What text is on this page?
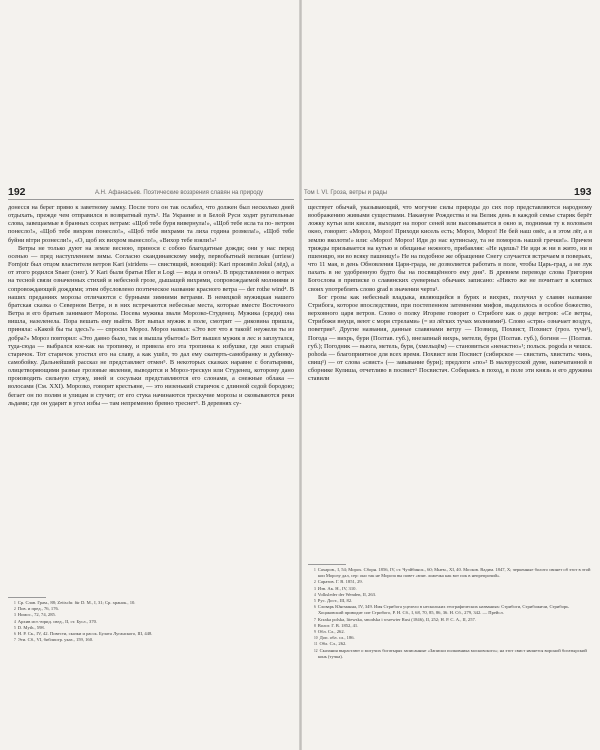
192	А.Н. Афанасьев. Поэтические воззрения славян на природу

донесся на берег прямо к заветному замку. После того он так ослабел, что должен был несколько дней отдыхать, прежде чем отправился в возвратный путь¹. На Украине и в Белой Руси ходят ругательные слова, завещаемые в бранных ссорах ветрам: «Щоб тебе буря вивернула!», «Щоб тебе ясла та по‑ ветром понесло!», «Щоб тебе вихром понесло!», «Щоб тебе вихрами та лиха година розмела!», «Щоб тебе буйни вітри рознесли!», «О, щоб их вихром вынесло!», «Вихор тебе взяли!»²

Ветры не только дуют на земле весною, принося с собою благодатные дожди; они у нас перед осенью — пред наступлением зимы. Согласно скандинавскому мифу, первобытный великан (urriese) Fornjotr был отцом властителя ветров Kari (stridens — свистящий, воющий): Kari произвёл Jokul (лёд), а от этого родился Snaer (снег). У Kari были братья Hler и Logi — вода и огонь³. В представлении о ветрах на тесной связи означенных стихий и небесной грозе, дышащей вихрями, сопровождаемой молниями и сопровождающей дождями; этим обусловлено поэтическое название красного ветра — der rothe wind⁴. В наших преданиях морозы отличаются с бурными зимними ветрами. В немецкой мужицкая нашего братская сказка о Северном Ветре, и в них встречаются небесные места, которые вместе Восточного Ветра и его братьев занимают Морозы. Посева мужика звали Морозко-Студенец. Мужика (среди) она вишла, назеленела. Пора вешать ему выйти. Вот выпал мужик в поле, смотрит — диковина пришла, приняла: «Какой бы ты здесь?» — спросил Мороз. Мороз назвал: «Это вот что я такой! неужели ты из добра?» Мороз повторил: «Это давно было, так и вышла убыток!» Вот вышел мужик в лес и заплутался, туда-сюда — выбрался кое-как на тропинку, и привела его эта тропинка к избушке, где жил старый старичок. Тот старичок угостил его на славу, а как ушёл, то дал ему скатерть-самобранку и дубинку-самобойку. Дальнейший рассказ не представляет отмен⁵. В некоторых сказках наравне с богатырями, олицетворяющими разные грозовые явления, выводится и Мороз-трескун или Студенец, которому дано производить сильную стужу, иней и сосульки представляются его слонами, а снежные облака — волосами (См. XXI). Морозко, говорят крестьяне, — это низенький старичок с длинной седой бородою; бегает он по полям и улицам и стучит; от его стука начинаются трескучие морозы и сковываются реки льдами; где он ударит в угол избы — там непременно бревно треснет⁶. В деревнях су-

$^1$ Ср. Слав. Грам., 88; Zeitschr. für D. M., I, 31; Ср. хранок., 10.
$^2$ Пов. и пред., 76, 176.
$^3$ Номос., 72, 74, 285.
$^4$ Архив ист.-юрид. свед., II, ст. Бусл., 370.
$^5$ D. Myth., 598.
$^6$ Н. Р. Ск., IV, 42. Повести, сказки и расск. Булата Луганского, III, 448.
$^7$ Эти. Сб., VI, библиогр. указ., 159, 160.
Том I. VI. Гроза, ветры и рады	193

ществует обычай, указывающий, что могучие силы природы до сих пор представляются народному воображению живыми существами. Накануне Рождества и на Велик день в каждой семье старик берёт ложку кутьи или киселя, выходит на порог сеней или высовывается в окно и, поднимая ту к воловьем окно, говорит: «Мороз, Мороз! Приходи кисель есть; Мороз, Мороз! Не бей наш овёс, а в этом лёг, а в землю вколоти!» или: «Мороз! Мороз! Иди до нас кутинську, та не поморозь нашой гречки!». Причем трижды призывается на кутью и обещанье нежного, прибавляя: «Не идешь? Не иди ж ни в жито, ни в пшеницю, ни во всяку пашницу!» Не на подобное же обращение Снегу случается встречаем в поверьях, что 11 мая, в день Обновления Царя-града, не дозволяется работать в поле, чтобы Царь-град, а не лук пахать в не удобренную будто бы на посвящённого ему дня⁷. В древнем переводе слова Григория Богослова в приписке о славянских суеверных обычаях записано: «Никто же не почитает в клятвах своих употреблять слово grad в значении черта¹.

Бог грозы как небесный владыка, являющийся в бурях и вихрях, получил у славян название Стрибога, которое впоследствии, при постепенном затемнении мифов, выделилось в особое божество, верховного царя ветров. Слово о полку Игореве говорит о Стрибоге как о деде ветров: «Се ветры, Стрибожи внуци, веют с моря стрелами» (= из лёгких тучах молниями²). Слово «стри» означает воздух, поветрие³. Другие названия, данные славянами ветру — Позвизд, Похвист, Похвист (гроз. тучи¹), Погода — вихрь, бури (Полтав. губ.), внезапный вихрь, метели, бури (Полтав. губ.), богиня — (Полтав. губ.); Погодник — вьюга, метель, буря, (хмельцём) — становиться «ненастно»¹; польск. pogoda и чешск. pohoda — благоприятное для всех время. Похвист или Посвист (сибирское — свистать, хвистать: чинь, свищ¹) — от слова «свист» (— завывание бури); предлоги «по»² В малорусской думе, напечатанной в сборнике Кулиша, отчетливо в посвист¹ Посвистач. Собираясь в поход, в поле эти князь и его дружина ставили

$^1$ Сахаров., I, 54; Морох. Сборн. 1856, IV, ст. Чуэйбинск., 60; Мнем., XI, 40. Москов. Вадим. 1847, X; черкенные болото свинет об этот в этой кои Морозу дал, сер: оно так не Мороза вы повет «взят. ложечка как вот пок в непрепрочий».
$^2$ Саратов. Г. В. 1851, 29.
$^3$ Изв. Ак. Н., IV, 310.
$^4$ Volksleder der Wenden, II, 263.
$^5$ Рус. Дост., III, 82.
$^6$ Словарь Юнгманна, IV, 349. Имя Стрибога уцелело в нескольких географических названиях: Стрибоги, Стрибожичи, Стриборь. Хоцаковский приводит сие Стрибого, Р. Н. Сб., I, 68, 70, 85, 86, 36. Н. Сб., 279, 342. — Прейсл.
$^7$ Krzaka polska, litewska, smodska i wsrewier Rusi (1846), II, 252; Н. Р. С. А., II, 257.
$^8$ Волог. Г. В. 1852, 41.
$^9$ Обл. Сл., 262.
$^{10}$ Доп. обл. сл., 186.
$^{11}$ Обл. Сл., 262.
$^{12}$ Сказания вырастают о могучих богатырях записанные «Записки полковника московского»; на этот свист является вороной богатырский конь (тучка).
